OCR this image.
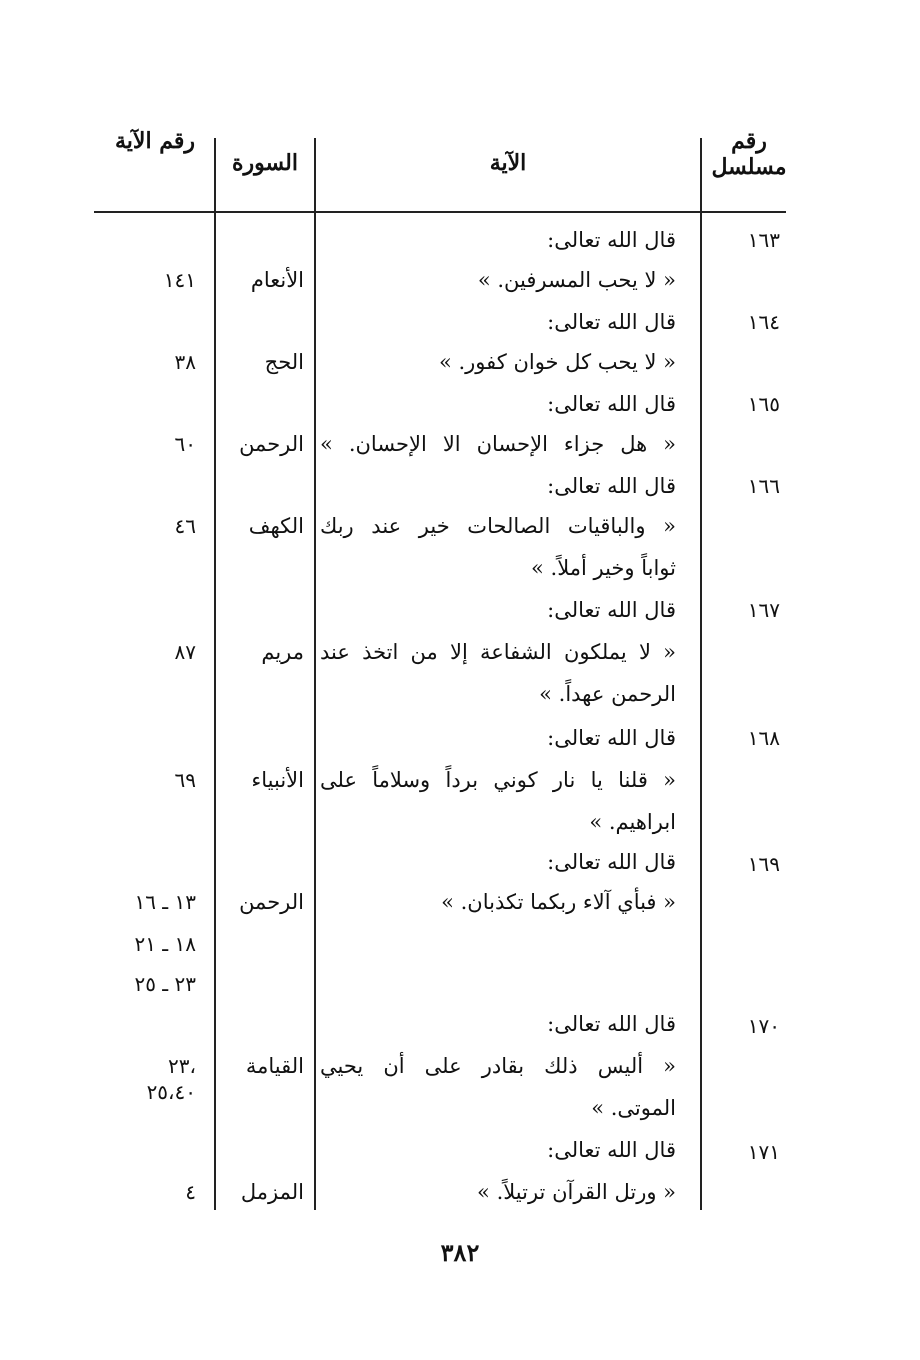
رقم مسلسل
الآية
السورة
رقم الآية
١٦٣
قال الله تعالى:
« لا يحب المسرفين. »
الأنعام
١٤١
١٦٤
قال الله تعالى:
« لا يحب كل خوان كفور. »
الحج
٣٨
١٦٥
قال الله تعالى:
« هل جزاء الإحسان الا الإحسان. »
الرحمن
٦٠
١٦٦
قال الله تعالى:
« والباقيات الصالحات خير عند ربك
ثواباً وخير أملاً. »
الكهف
٤٦
١٦٧
قال الله تعالى:
« لا يملكون الشفاعة إلا من اتخذ عند
الرحمن عهداً. »
مريم
٨٧
١٦٨
قال الله تعالى:
« قلنا يا نار كوني برداً وسلاماً على
ابراهيم. »
الأنبياء
٦٩
١٦٩
قال الله تعالى:
« فبأي آلاء ربكما تكذبان. »
الرحمن
١٣ ـ ١٦
١٨ ـ ٢١
٢٣ ـ ٢٥
١٧٠
قال الله تعالى:
« أليس ذلك بقادر على أن يحيي
الموتى. »
القيامة
،٢٣
٢٥،٤٠
١٧١
قال الله تعالى:
« ورتل القرآن ترتيلاً. »
المزمل
٤
٣٨٢
